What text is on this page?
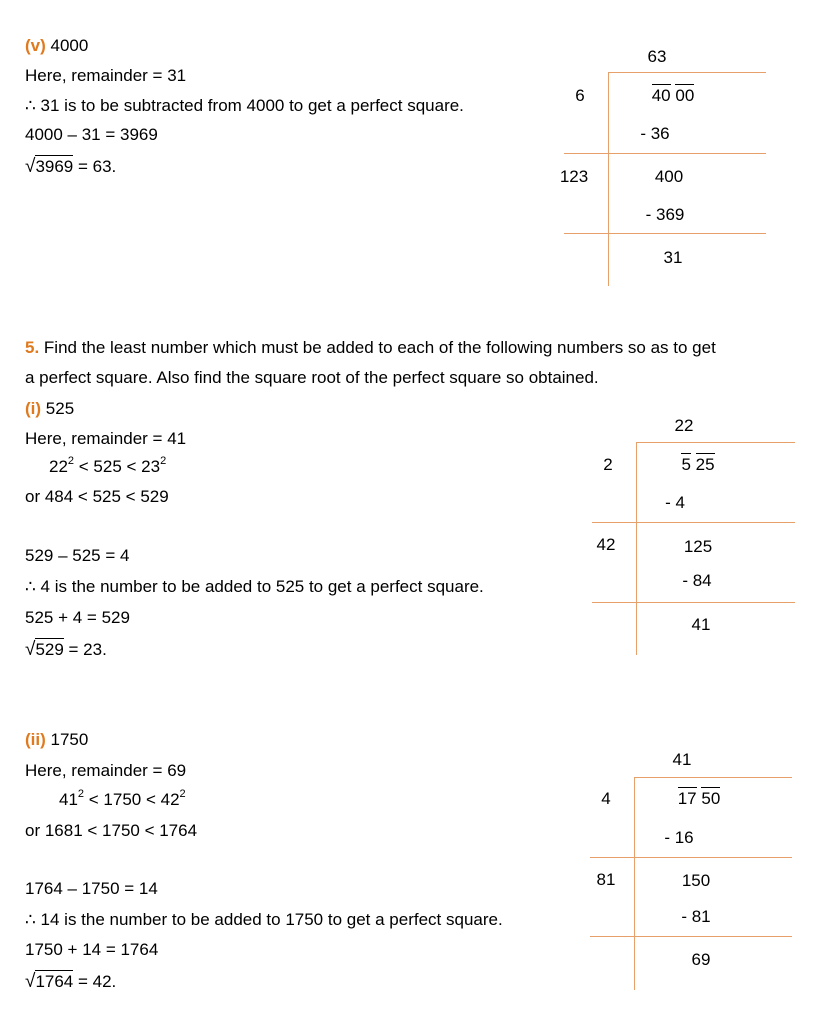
(v) 4000
Here, remainder = 31
∴ 31 is to be subtracted from 4000 to get a perfect square.
4000 – 31 = 3969
√3969 = 63.
63
6	40 00
- 36
123	400
- 369
31
5. Find the least number which must be added to each of the following numbers so as to get
a perfect square. Also find the square root of the perfect square so obtained.
(i) 525
Here, remainder = 41
$22^2 < 525 < 23^2$
or 484 < 525 < 529
529 – 525 = 4
∴ 4 is the number to be added to 525 to get a perfect square.
525 + 4 = 529
√529 = 23.
22
2	5 25
- 4
42	125
- 84
41
(ii) 1750
Here, remainder = 69
$41^2 < 1750 < 42^2$
or 1681 < 1750 < 1764
1764 – 1750 = 14
∴ 14 is the number to be added to 1750 to get a perfect square.
1750 + 14 = 1764
√1764 = 42.
41
4	17 50
- 16
81	150
- 81
69
